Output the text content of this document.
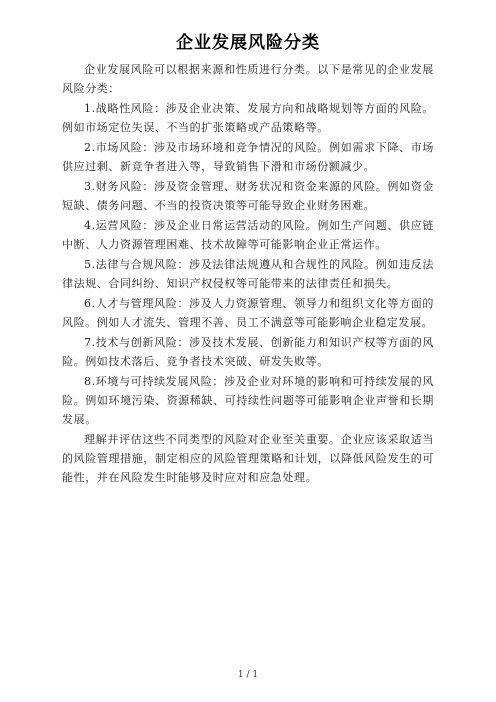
企业发展风险分类

企业发展风险可以根据来源和性质进行分类。以下是常见的企业发展风险分类：

1.战略性风险：涉及企业决策、发展方向和战略规划等方面的风险。例如市场定位失误、不当的扩张策略或产品策略等。

2.市场风险：涉及市场环境和竞争情况的风险。例如需求下降、市场供应过剩、新竞争者进入等，导致销售下滑和市场份额减少。

3.财务风险：涉及资金管理、财务状况和资金来源的风险。例如资金短缺、债务问题、不当的投资决策等可能导致企业财务困难。

4.运营风险：涉及企业日常运营活动的风险。例如生产问题、供应链中断、人力资源管理困难、技术故障等可能影响企业正常运作。

5.法律与合规风险：涉及法律法规遵从和合规性的风险。例如违反法律法规、合同纠纷、知识产权侵权等可能带来的法律责任和损失。

6.人才与管理风险：涉及人力资源管理、领导力和组织文化等方面的风险。例如人才流失、管理不善、员工不满意等可能影响企业稳定发展。

7.技术与创新风险：涉及技术发展、创新能力和知识产权等方面的风险。例如技术落后、竞争者技术突破、研发失败等。

8.环境与可持续发展风险：涉及企业对环境的影响和可持续发展的风险。例如环境污染、资源稀缺、可持续性问题等可能影响企业声誉和长期发展。

理解并评估这些不同类型的风险对企业至关重要。企业应该采取适当的风险管理措施，制定相应的风险管理策略和计划，以降低风险发生的可能性，并在风险发生时能够及时应对和应急处理。

1 / 1
